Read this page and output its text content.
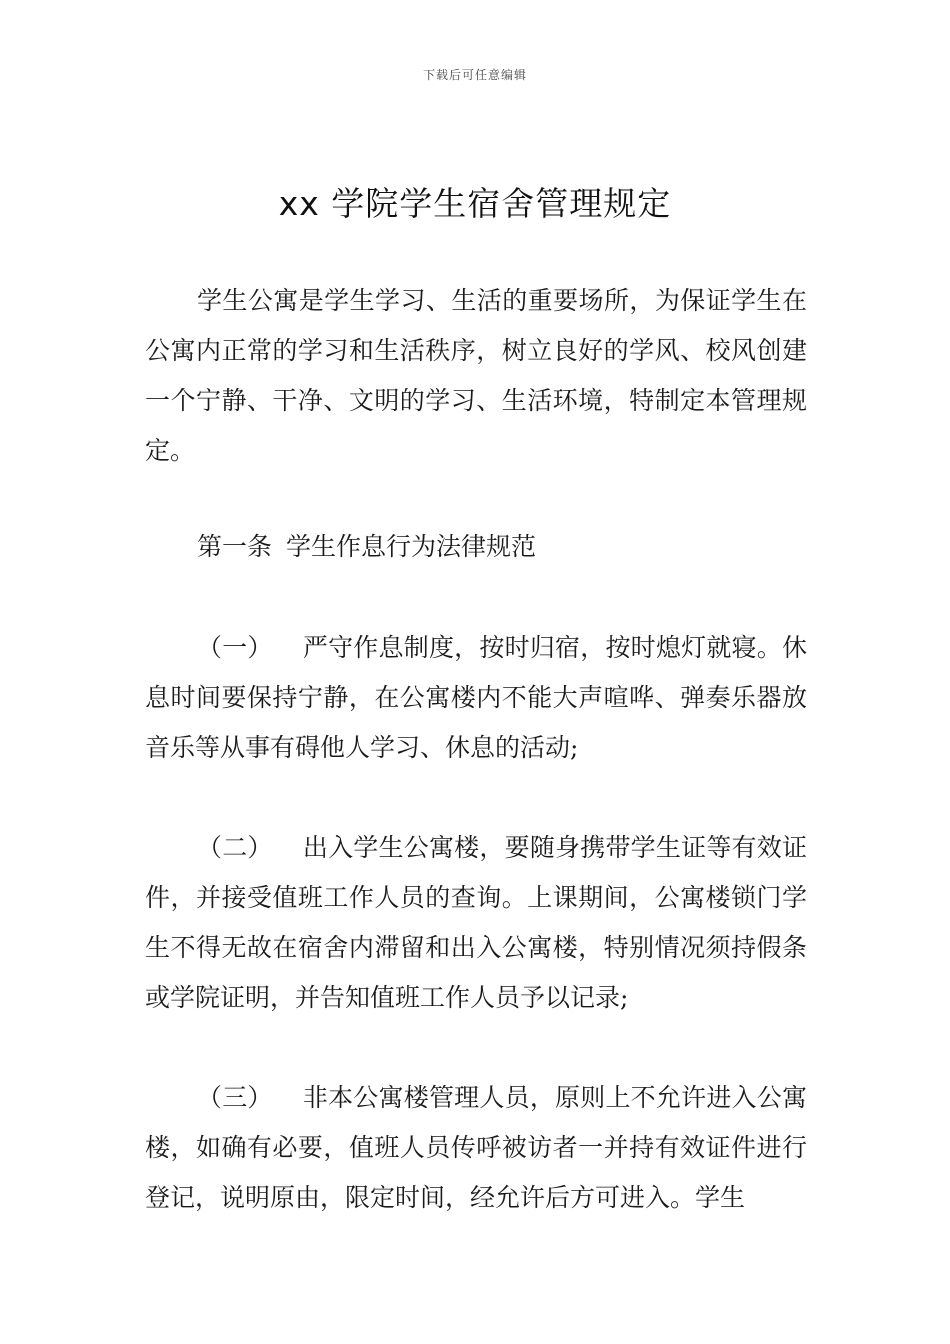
下载后可任意编辑
xx 学院学生宿舍管理规定

学生公寓是学生学习、生活的重要场所，为保证学生在公寓内正常的学习和生活秩序，树立良好的学风、校风创建一个宁静、干净、文明的学习、生活环境，特制定本管理规定。

第一条 学生作息行为法律规范

（一） 严守作息制度，按时归宿，按时熄灯就寝。休息时间要保持宁静，在公寓楼内不能大声喧哗、弹奏乐器放音乐等从事有碍他人学习、休息的活动;

（二） 出入学生公寓楼，要随身携带学生证等有效证件，并接受值班工作人员的查询。上课期间，公寓楼锁门学生不得无故在宿舍内滞留和出入公寓楼，特别情况须持假条或学院证明，并告知值班工作人员予以记录;

（三） 非本公寓楼管理人员，原则上不允许进入公寓楼，如确有必要，值班人员传呼被访者一并持有效证件进行登记，说明原由，限定时间，经允许后方可进入。学生
